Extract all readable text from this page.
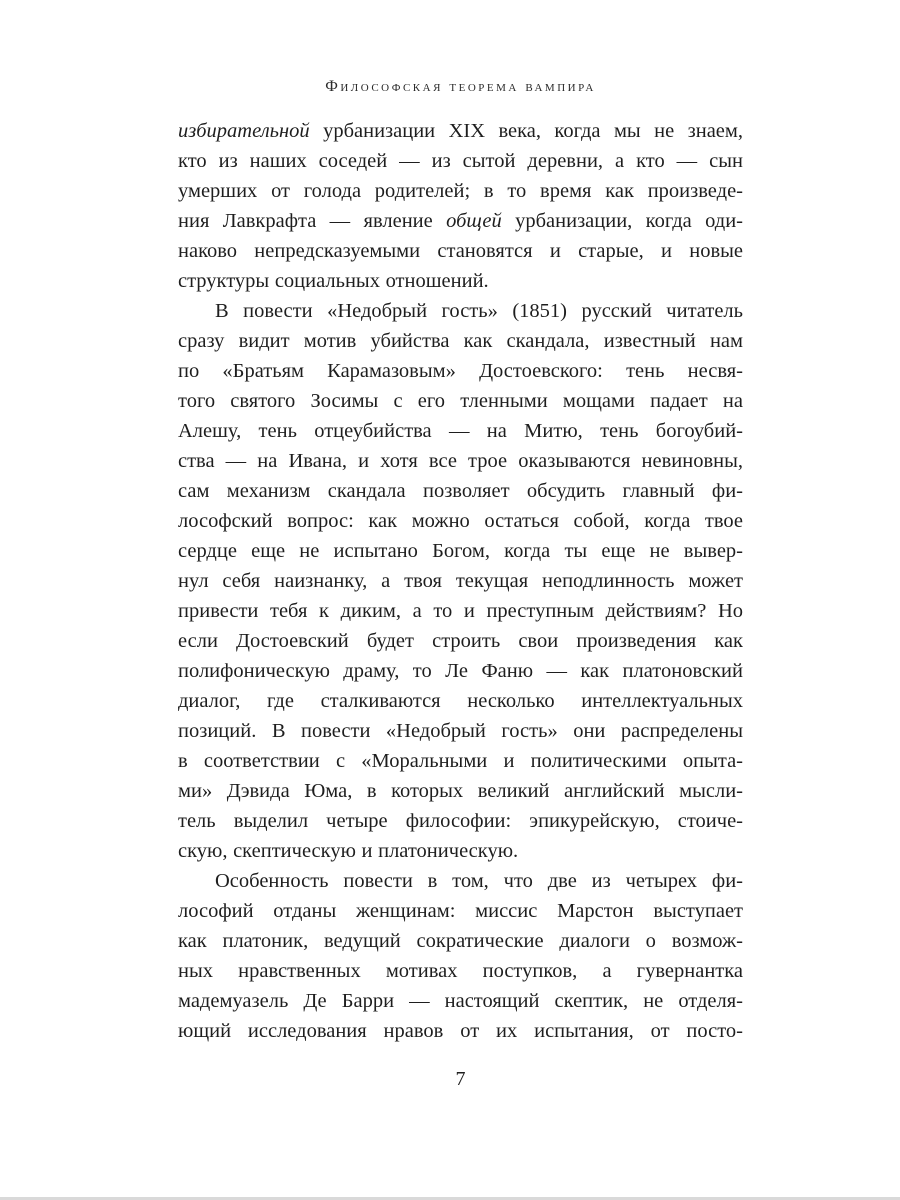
Философская теорема вампира
избирательной урбанизации XIX века, когда мы не знаем,
кто из наших соседей — из сытой деревни, а кто — сын
умерших от голода родителей; в то время как произведе-
ния Лавкрафта — явление общей урбанизации, когда оди-
наково непредсказуемыми становятся и старые, и новые
структуры социальных отношений.
В повести «Недобрый гость» (1851) русский читатель
сразу видит мотив убийства как скандала, известный нам
по «Братьям Карамазовым» Достоевского: тень несвя-
того святого Зосимы с его тленными мощами падает на
Алешу, тень отцеубийства — на Митю, тень богоубий-
ства — на Ивана, и хотя все трое оказываются невиновны,
сам механизм скандала позволяет обсудить главный фи-
лософский вопрос: как можно остаться собой, когда твое
сердце еще не испытано Богом, когда ты еще не вывер-
нул себя наизнанку, а твоя текущая неподлинность может
привести тебя к диким, а то и преступным действиям? Но
если Достоевский будет строить свои произведения как
полифоническую драму, то Ле Фаню — как платоновский
диалог, где сталкиваются несколько интеллектуальных
позиций. В повести «Недобрый гость» они распределены
в соответствии с «Моральными и политическими опыта-
ми» Дэвида Юма, в которых великий английский мысли-
тель выделил четыре философии: эпикурейскую, стоиче-
скую, скептическую и платоническую.
Особенность повести в том, что две из четырех фи-
лософий отданы женщинам: миссис Марстон выступает
как платоник, ведущий сократические диалоги о возмож-
ных нравственных мотивах поступков, а гувернантка
мадемуазель Де Барри — настоящий скептик, не отделя-
ющий исследования нравов от их испытания, от посто-
7
